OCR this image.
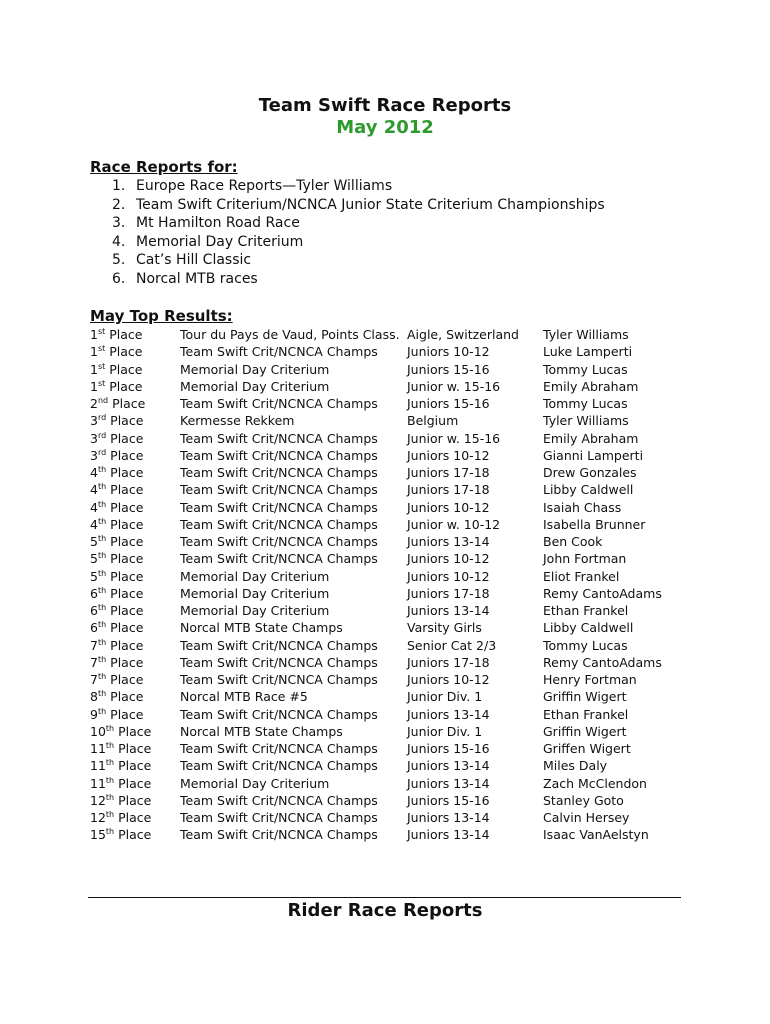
Team Swift Race Reports
May 2012
Race Reports for:
1. Europe Race Reports—Tyler Williams
2. Team Swift Criterium/NCNCA Junior State Criterium Championships
3. Mt Hamilton Road Race
4. Memorial Day Criterium
5. Cat’s Hill Classic
6. Norcal MTB races
May Top Results:
1st Place	Tour du Pays de Vaud, Points Class.	Aigle, Switzerland	Tyler Williams
1st Place	Team Swift Crit/NCNCA Champs	Juniors 10-12	Luke Lamperti
1st Place	Memorial Day Criterium	Juniors 15-16	Tommy Lucas
1st Place	Memorial Day Criterium	Junior w. 15-16	Emily Abraham
2nd Place	Team Swift Crit/NCNCA Champs	Juniors 15-16	Tommy Lucas
3rd Place	Kermesse Rekkem	Belgium	Tyler Williams
3rd Place	Team Swift Crit/NCNCA Champs	Junior w. 15-16	Emily Abraham
3rd Place	Team Swift Crit/NCNCA Champs	Juniors 10-12	Gianni Lamperti
4th Place	Team Swift Crit/NCNCA Champs	Juniors 17-18	Drew Gonzales
4th Place	Team Swift Crit/NCNCA Champs	Juniors 17-18	Libby Caldwell
4th Place	Team Swift Crit/NCNCA Champs	Juniors 10-12	Isaiah Chass
4th Place	Team Swift Crit/NCNCA Champs	Junior w. 10-12	Isabella Brunner
5th Place	Team Swift Crit/NCNCA Champs	Juniors 13-14	Ben Cook
5th Place	Team Swift Crit/NCNCA Champs	Juniors 10-12	John Fortman
5th Place	Memorial Day Criterium	Juniors 10-12	Eliot Frankel
6th Place	Memorial Day Criterium	Juniors 17-18	Remy CantoAdams
6th Place	Memorial Day Criterium	Juniors 13-14	Ethan Frankel
6th Place	Norcal MTB State Champs	Varsity Girls	Libby Caldwell
7th Place	Team Swift Crit/NCNCA Champs	Senior Cat 2/3	Tommy Lucas
7th Place	Team Swift Crit/NCNCA Champs	Juniors 17-18	Remy CantoAdams
7th Place	Team Swift Crit/NCNCA Champs	Juniors 10-12	Henry Fortman
8th Place	Norcal MTB Race #5	Junior Div. 1	Griffin Wigert
9th Place	Team Swift Crit/NCNCA Champs	Juniors 13-14	Ethan Frankel
10th Place	Norcal MTB State Champs	Junior Div. 1	Griffin Wigert
11th Place	Team Swift Crit/NCNCA Champs	Juniors 15-16	Griffen Wigert
11th Place	Team Swift Crit/NCNCA Champs	Juniors 13-14	Miles Daly
11th Place	Memorial Day Criterium	Juniors 13-14	Zach McClendon
12th Place	Team Swift Crit/NCNCA Champs	Juniors 15-16	Stanley Goto
12th Place	Team Swift Crit/NCNCA Champs	Juniors 13-14	Calvin Hersey
15th Place	Team Swift Crit/NCNCA Champs	Juniors 13-14	Isaac VanAelstyn
Rider Race Reports
